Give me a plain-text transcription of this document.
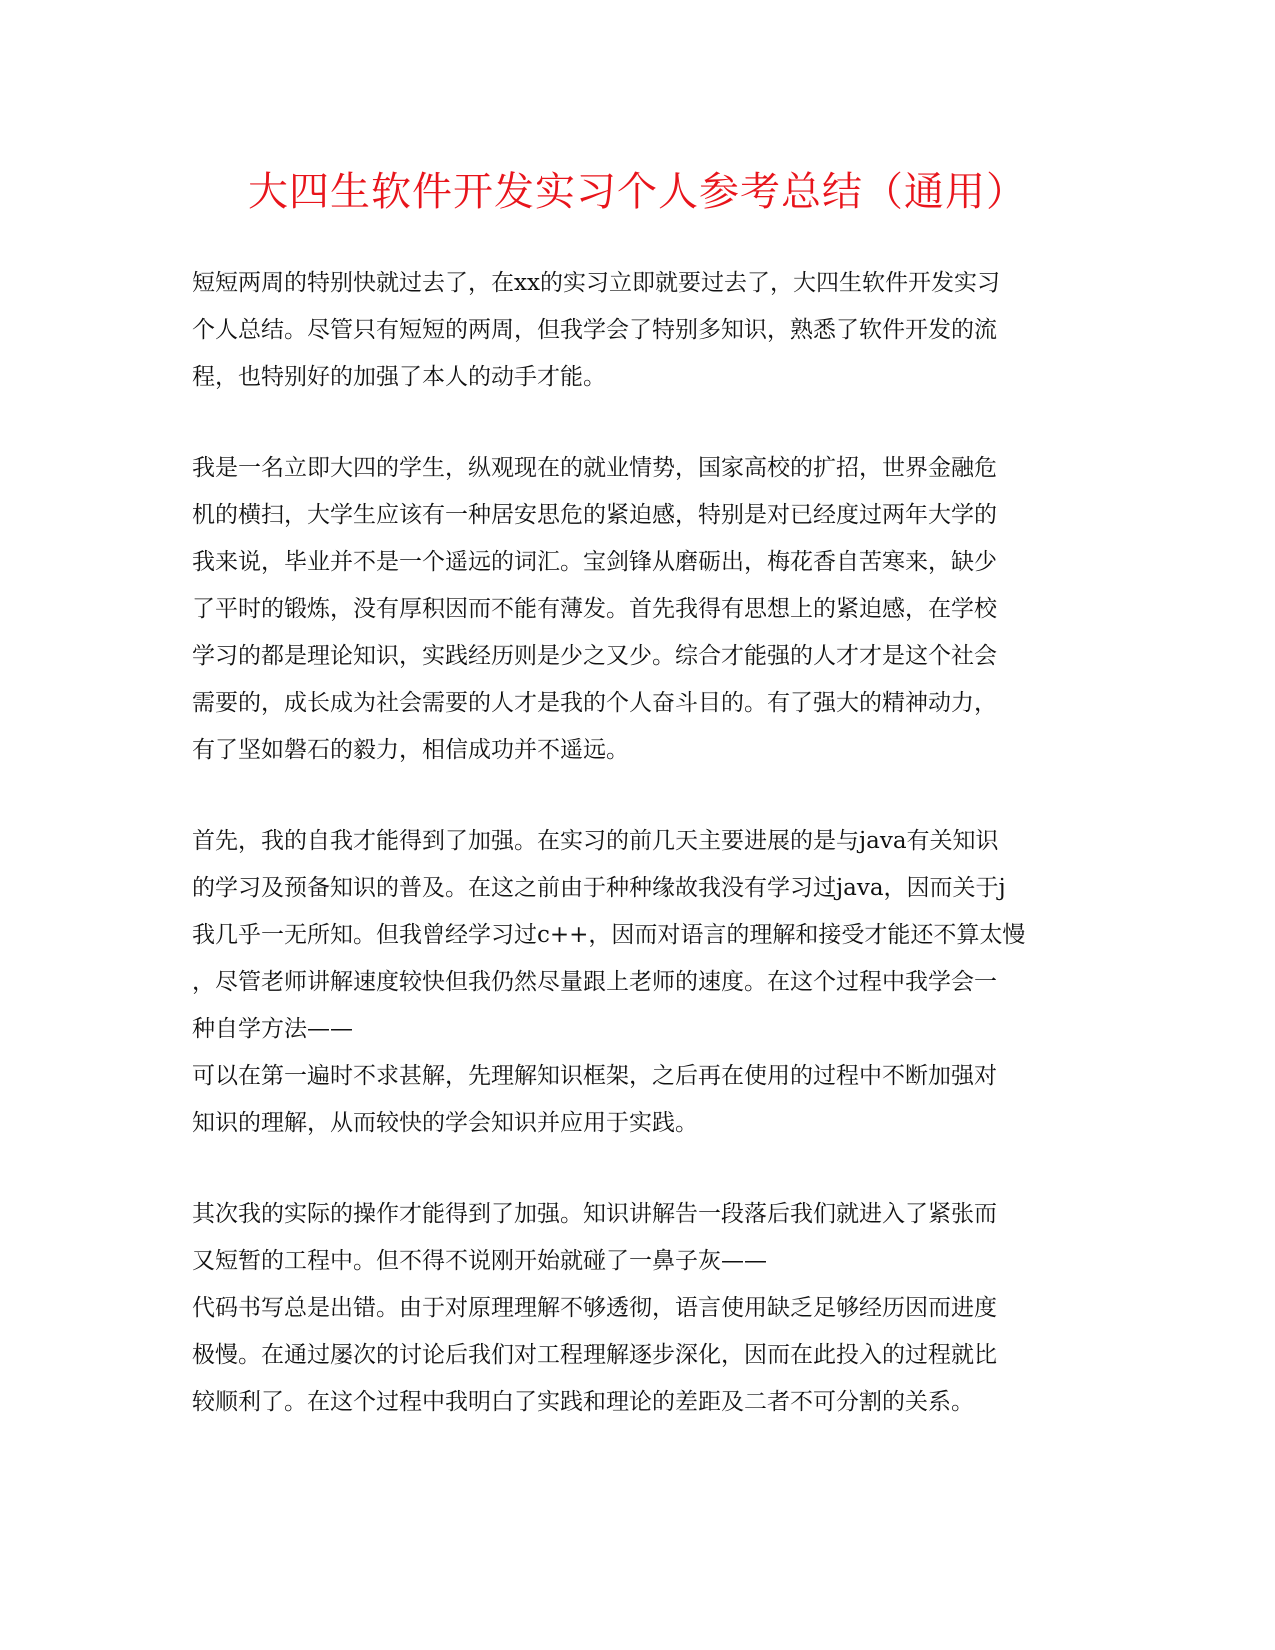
大四生软件开发实习个人参考总结（通用）

短短两周的特别快就过去了，在xx的实习立即就要过去了，大四生软件开发实习

个人总结。尽管只有短短的两周，但我学会了特别多知识，熟悉了软件开发的流

程，也特别好的加强了本人的动手才能。

我是一名立即大四的学生，纵观现在的就业情势，国家高校的扩招，世界金融危

机的横扫，大学生应该有一种居安思危的紧迫感，特别是对已经度过两年大学的

我来说，毕业并不是一个遥远的词汇。宝剑锋从磨砺出，梅花香自苦寒来，缺少

了平时的锻炼，没有厚积因而不能有薄发。首先我得有思想上的紧迫感，在学校

学习的都是理论知识，实践经历则是少之又少。综合才能强的人才才是这个社会

需要的，成长成为社会需要的人才是我的个人奋斗目的。有了强大的精神动力，

有了坚如磐石的毅力，相信成功并不遥远。

首先，我的自我才能得到了加强。在实习的前几天主要进展的是与java有关知识

的学习及预备知识的普及。在这之前由于种种缘故我没有学习过java，因而关于j

我几乎一无所知。但我曾经学习过c++，因而对语言的理解和接受才能还不算太慢

，尽管老师讲解速度较快但我仍然尽量跟上老师的速度。在这个过程中我学会一

种自学方法——

可以在第一遍时不求甚解，先理解知识框架，之后再在使用的过程中不断加强对

知识的理解，从而较快的学会知识并应用于实践。

其次我的实际的操作才能得到了加强。知识讲解告一段落后我们就进入了紧张而

又短暂的工程中。但不得不说刚开始就碰了一鼻子灰——

代码书写总是出错。由于对原理理解不够透彻，语言使用缺乏足够经历因而进度

极慢。在通过屡次的讨论后我们对工程理解逐步深化，因而在此投入的过程就比

较顺利了。在这个过程中我明白了实践和理论的差距及二者不可分割的关系。
